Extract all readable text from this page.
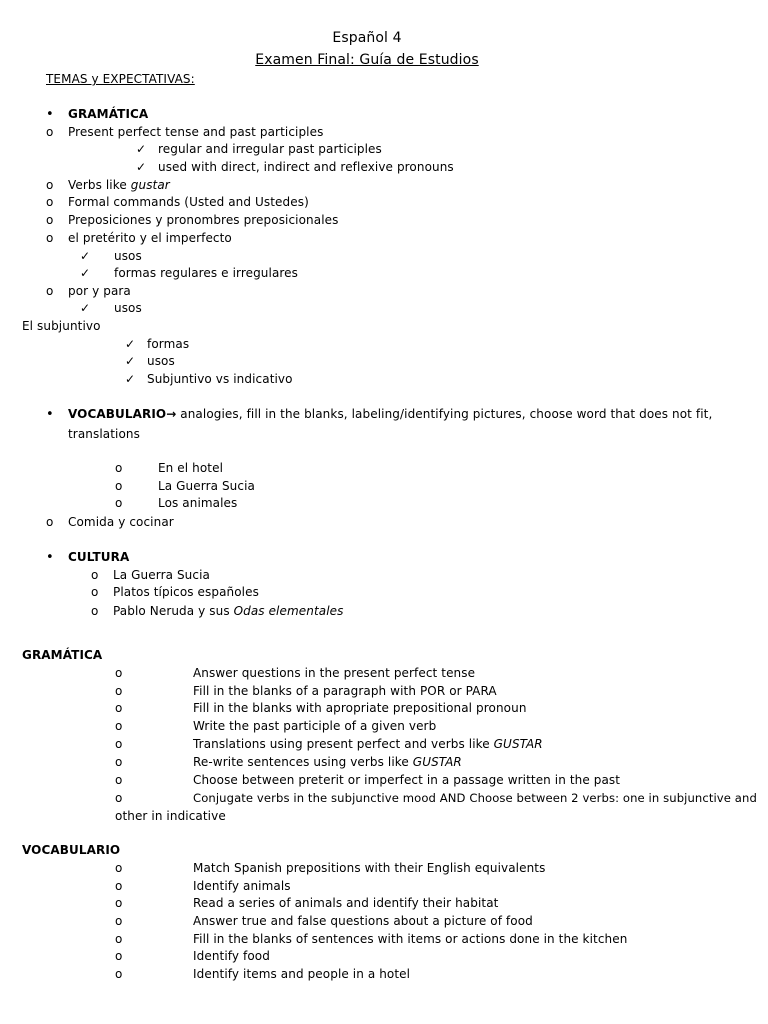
Español 4
Examen Final: Guía de Estudios
TEMAS y EXPECTATIVAS:
•	GRAMÁTICA
o	Present perfect tense and past participles
✓ regular and irregular past participles
✓ used with direct, indirect and reflexive pronouns
o	Verbs like gustar
o	Formal commands (Usted and Ustedes)
o	Preposiciones y pronombres preposicionales
o	el pretérito y el imperfecto
✓	usos
✓	formas regulares e irregulares
o	por y para
✓	usos
El subjuntivo
✓ formas
✓ usos
✓ Subjuntivo vs indicativo
•	VOCABULARIO→ analogies, fill in the blanks, labeling/identifying pictures, choose word that does not fit,
translations
o	En el hotel
o	La Guerra Sucia
o	Los animales
o	Comida y cocinar
•	CULTURA
o	La Guerra Sucia
o	Platos típicos españoles
o	Pablo Neruda y sus Odas elementales
GRAMÁTICA
o	Answer questions in the present perfect tense
o	Fill in the blanks of a paragraph with POR or PARA
o	Fill in the blanks with apropriate prepositional pronoun
o	Write the past participle of a given verb
o	Translations using present perfect and verbs like GUSTAR
o	Re-write sentences using verbs like GUSTAR
o	Choose between preterit or imperfect in a passage written in the past
o	Conjugate verbs in the subjunctive mood AND Choose between 2 verbs: one in subjunctive and
other in indicative
VOCABULARIO
o	Match Spanish prepositions with their English equivalents
o	Identify animals
o	Read a series of animals and identify their habitat
o	Answer true and false questions about a picture of food
o	Fill in the blanks of sentences with items or actions done in the kitchen
o	Identify food
o	Identify items and people in a hotel
